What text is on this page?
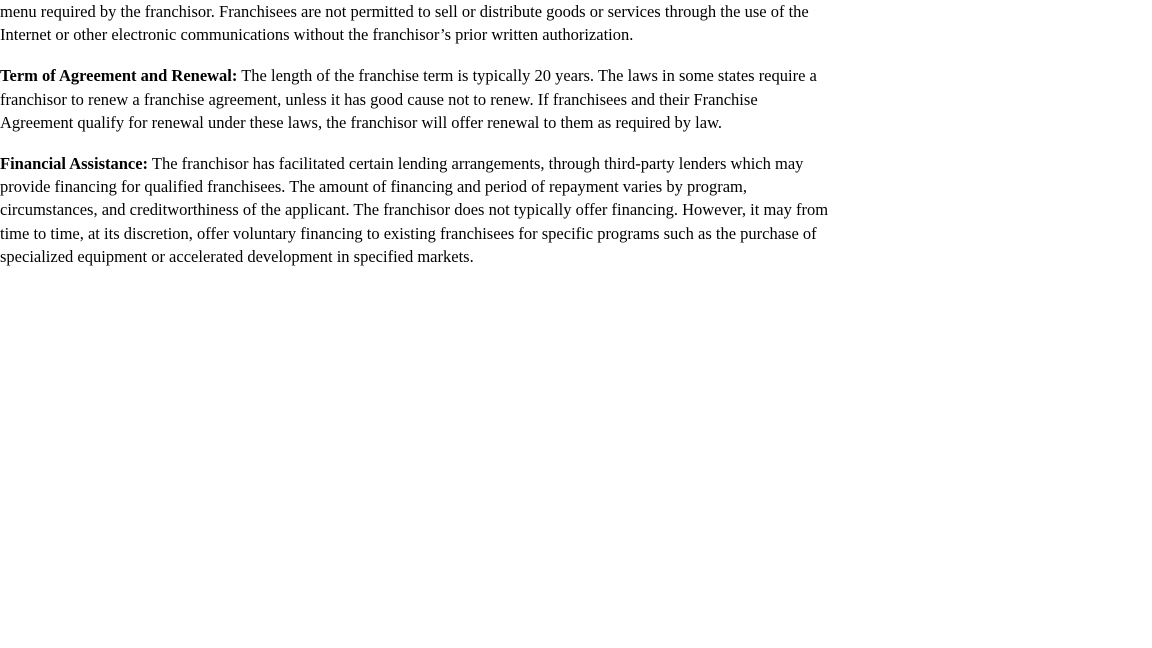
menu required by the franchisor. Franchisees are not permitted to sell or distribute goods or services through the use of the Internet or other electronic communications without the franchisor’s prior written authorization.

Term of Agreement and Renewal: The length of the franchise term is typically 20 years. The laws in some states require a franchisor to renew a franchise agreement, unless it has good cause not to renew. If franchisees and their Franchise Agreement qualify for renewal under these laws, the franchisor will offer renewal to them as required by law.

Financial Assistance: The franchisor has facilitated certain lending arrangements, through third-party lenders which may provide financing for qualified franchisees. The amount of financing and period of repayment varies by program, circumstances, and creditworthiness of the applicant. The franchisor does not typically offer financing. However, it may from time to time, at its discretion, offer voluntary financing to existing franchisees for specific programs such as the purchase of specialized equipment or accelerated development in specified markets.
